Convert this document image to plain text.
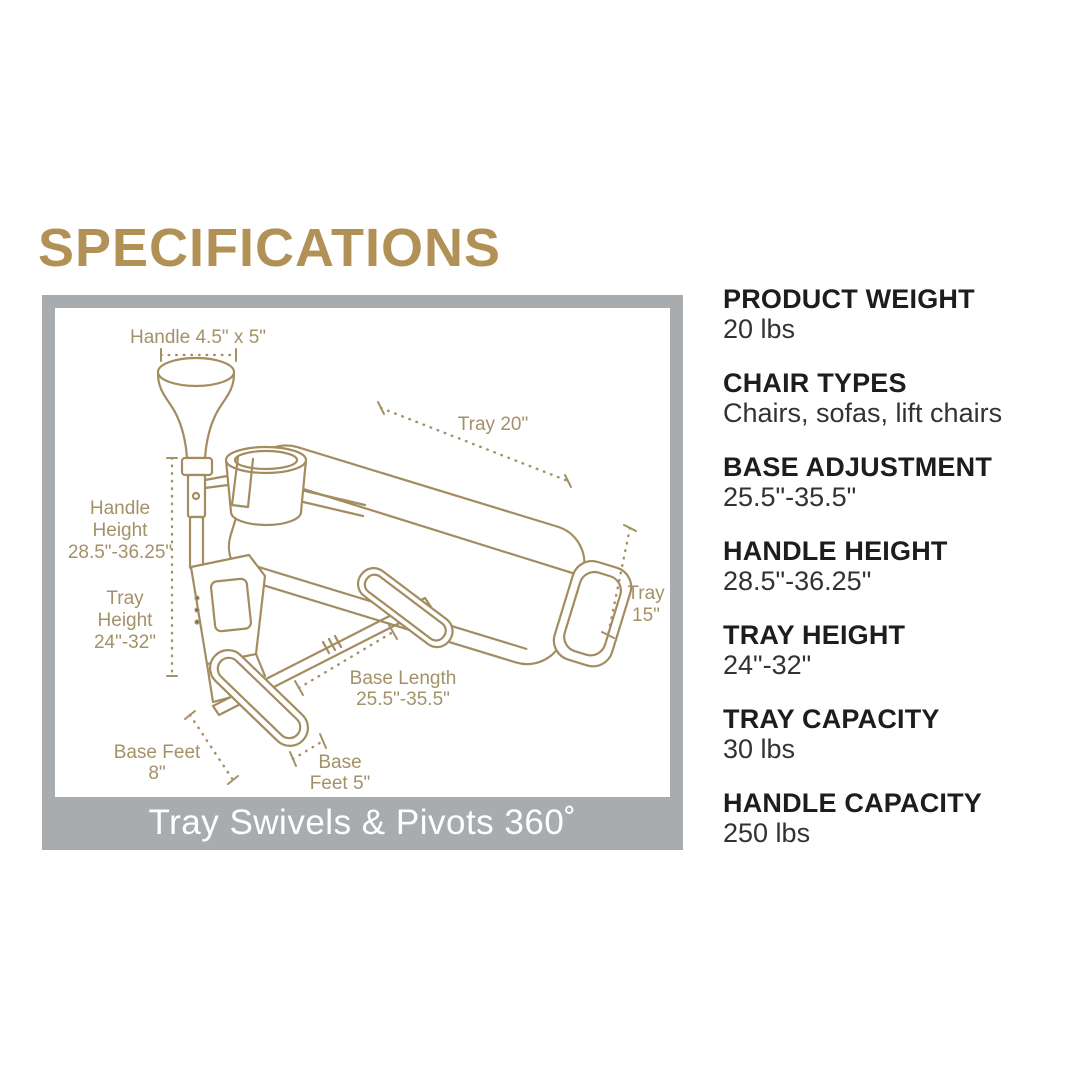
SPECIFICATIONS
Handle 4.5" x 5"
Tray 20"
Handle
Height
28.5"-36.25"
Tray
Height
24"-32"
Tray
15"
Base Length
25.5"-35.5"
Base Feet
8"
Base
Feet 5"
Tray Swivels & Pivots 360˚
PRODUCT WEIGHT
20 lbs
CHAIR TYPES
Chairs, sofas, lift chairs
BASE ADJUSTMENT
25.5"-35.5"
HANDLE HEIGHT
28.5"-36.25"
TRAY HEIGHT
24"-32"
TRAY CAPACITY
30 lbs
HANDLE CAPACITY
250 lbs
